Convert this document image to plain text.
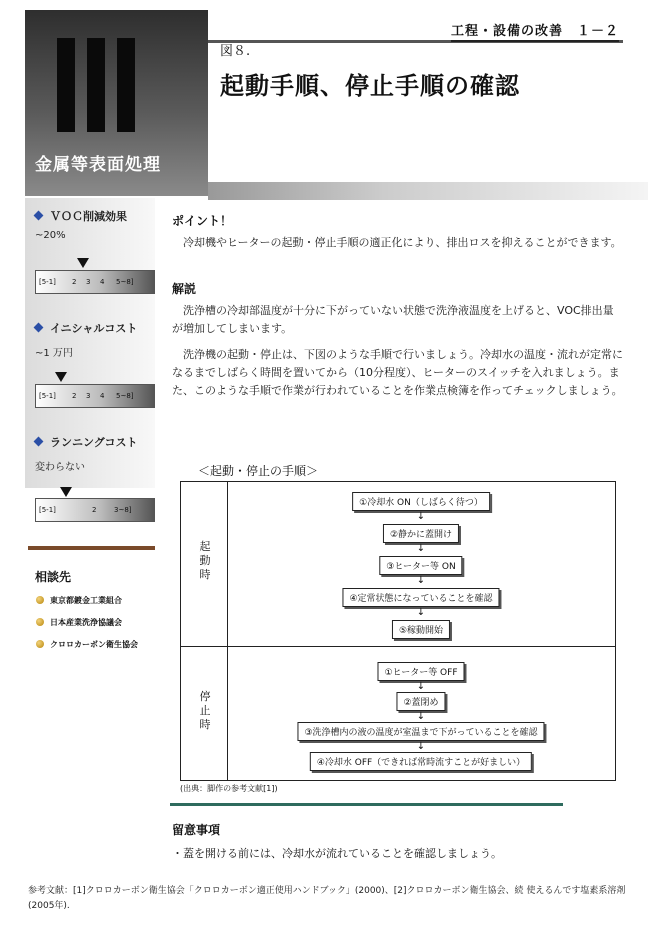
金属等表面処理
工程・設備の改善　１－２
図８.
起動手順、停止手順の確認
ＶＯＣ削減効果
~20%
[5-1] 2 3 4 5~8]
イニシャルコスト
~1 万円
[5-1] 2 3 4 5~8]
ランニングコスト
変わらない
[5-1]	2	3~8]
相談先
東京都鍍金工業組合
日本産業洗浄協議会
クロロカーボン衛生協会
ポイント！
冷却機やヒーターの起動・停止手順の適正化により、排出ロスを抑えることができます。
解説
洗浄槽の冷却部温度が十分に下がっていない状態で洗浄液温度を上げると、VOC排出量が増加してしまいます。
洗浄機の起動・停止は、下図のような手順で行いましょう。冷却水の温度・流れが定常になるまでしばらく時間を置いてから（10分程度）、ヒーターのスイッチを入れましょう。また、このような手順で作業が行われていることを作業点検簿を作ってチェックしましょう。
＜起動・停止の手順＞
起動時
停止時
①冷却水 ON（しばらく待つ）
↓
②静かに蓋開け
↓
③ヒーター等 ON
↓
④定常状態になっていることを確認
↓
⑤稼動開始
①ヒーター等 OFF
↓
②蓋閉め
↓
③洗浄槽内の液の温度が室温まで下がっていることを確認
↓
④冷却水 OFF（できれば常時流すことが好ましい）
(出典：脚作の参考文献[1])
留意事項
・蓋を開ける前には、冷却水が流れていることを確認しましょう。
参考文献：[1]クロロカーボン衛生協会「クロロカーボン適正使用ハンドブック」(2000)、[2]クロロカーボン衛生協会、続 使えるんです塩素系溶剤(2005年).
